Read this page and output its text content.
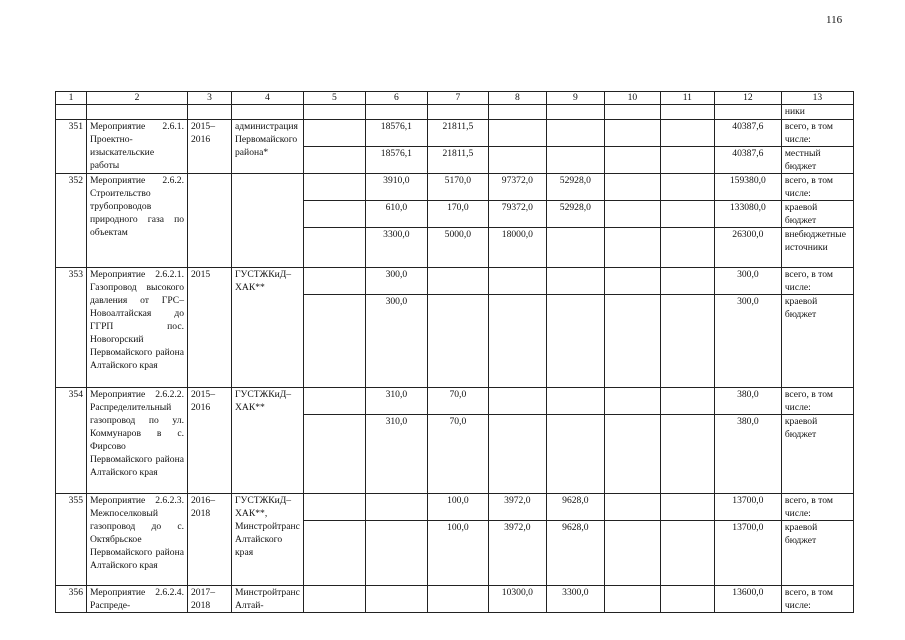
116
1	2	3	4	5	6	7	8	9	10	11	12	13
												ники
351	Мероприятие 2.6.1. Проектно-изыскательские работы	2015–2016	администрация Первомайского района*		18576,1	21811,5					40387,6	всего, в том числе:
					18576,1	21811,5					40387,6	местный бюджет
352	Мероприятие 2.6.2. Строительство трубопроводов природного газа по объектам				3910,0	5170,0	97372,0	52928,0			159380,0	всего, в том числе:
					610,0	170,0	79372,0	52928,0			133080,0	краевой бюджет
					3300,0	5000,0	18000,0				26300,0	внебюджетные источники
353	Мероприятие 2.6.2.1. Газопровод высокого давления от ГРС–Новоалтайская до ГГРП пос. Новогорский Первомайского района Алтайского края	2015	ГУСТЖКиД–ХАК**		300,0						300,0	всего, в том числе:
					300,0						300,0	краевой бюджет
354	Мероприятие 2.6.2.2. Распределительный газопровод по ул. Коммунаров в с. Фирсово Первомайского района Алтайского края	2015–2016	ГУСТЖКиД–ХАК**		310,0	70,0					380,0	всего, в том числе:
					310,0	70,0					380,0	краевой бюджет
355	Мероприятие 2.6.2.3. Межпоселковый газопровод до с. Октябрьское Первомайского района Алтайского края	2016–2018	ГУСТЖКиД–ХАК**, Минстройтранс Алтайского края			100,0	3972,0	9628,0			13700,0	всего, в том числе:
						100,0	3972,0	9628,0			13700,0	краевой бюджет
356	Мероприятие 2.6.2.4. Распреде-	2017–2018	Минстройтранс Алтай-				10300,0	3300,0			13600,0	всего, в том числе:
